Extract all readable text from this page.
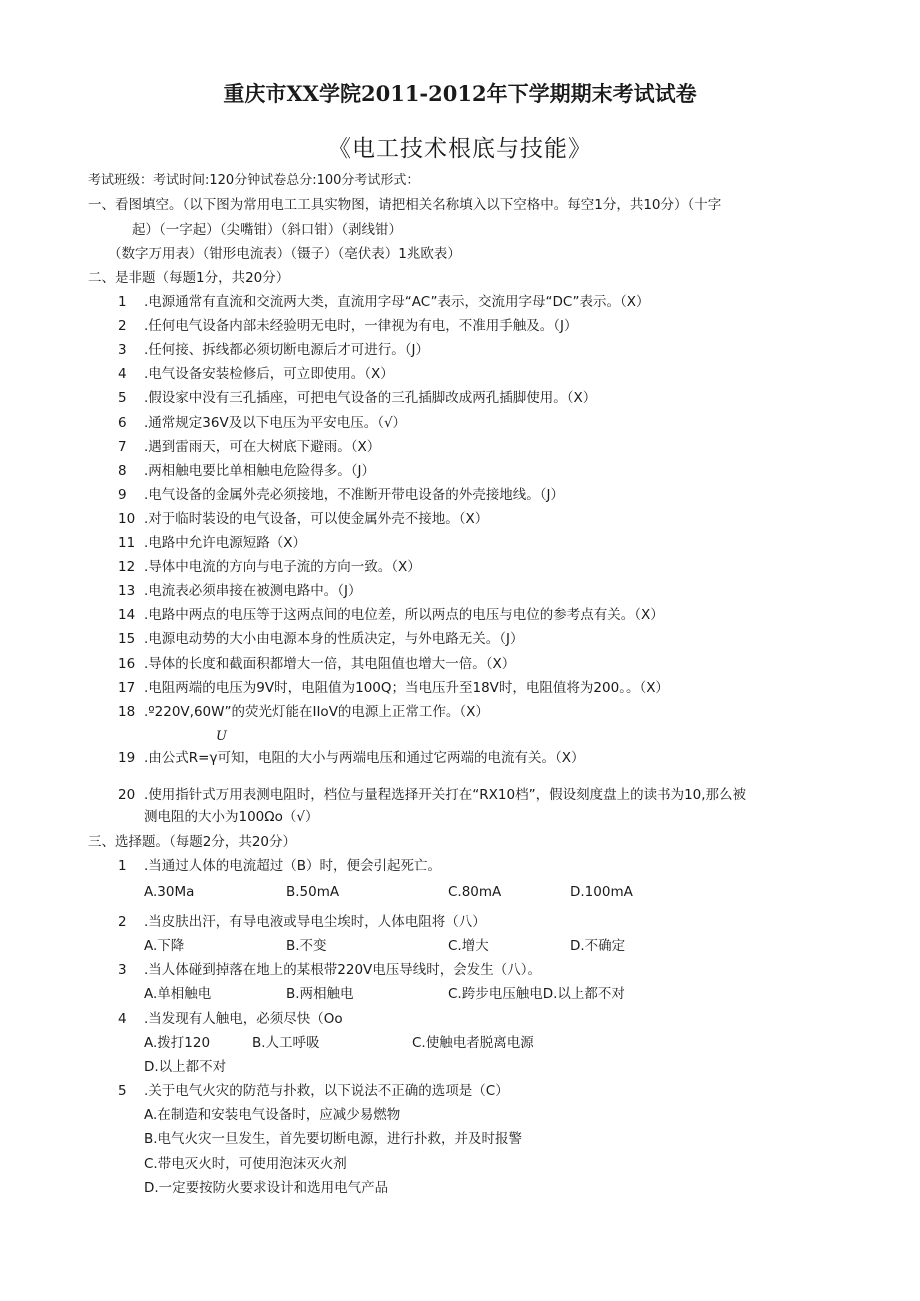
重庆市XX学院2011-2012年下学期期末考试试卷
《电工技术根底与技能》
考试班级：考试时间:120分钟试卷总分:100分考试形式：
一、看图填空。（以下图为常用电工工具实物图，请把相关名称填入以下空格中。每空1分，共10分）（十字
起）（一字起）（尖嘴钳）（斜口钳）（剥线钳）
（数字万用表）（钳形电流表）（镊子）（亳伏表）1兆欧表）
二、是非题（每题1分，共20分）
1 .电源通常有直流和交流两大类，直流用字母“AC”表示，交流用字母“DC”表示。（X）
2 .任何电气设备内部未经验明无电时，一律视为有电，不准用手触及。（J）
3 .任何接、拆线都必须切断电源后才可进行。（J）
4 .电气设备安装检修后，可立即使用。（X）
5 .假设家中没有三孔插座，可把电气设备的三孔插脚改成两孔插脚使用。（X）
6 .通常规定36V及以下电压为平安电压。（√）
7 .遇到雷雨天，可在大树底下避雨。（X）
8 .两相触电要比单相触电危险得多。（J）
9 .电气设备的金属外壳必须接地，不准断开带电设备的外壳接地线。（J）
10 .对于临时装设的电气设备，可以使金属外壳不接地。（X）
11 .电路中允许电源短路（X）
12 .导体中电流的方向与电子流的方向一致。（X）
13 .电流表必须串接在被测电路中。（J）
14 .电路中两点的电压等于这两点间的电位差，所以两点的电压与电位的参考点有关。（X）
15 .电源电动势的大小由电源本身的性质决定，与外电路无关。（J）
16 .导体的长度和截面积都增大一倍，其电阻值也增大一倍。（X）
17 .电阻两端的电压为9V时，电阻值为100Q；当电压升至18V时，电阻值将为200。。（X）
18 .º220V,60W”的荧光灯能在IIoV的电源上正常工作。（X）
U
19 .由公式R=γ可知，电阻的大小与两端电压和通过它两端的电流有关。（X）
20 .使用指针式万用表测电阻时，档位与量程选择开关打在“RX10档”，假设刻度盘上的读书为10,那么被
测电阻的大小为100Ωo（√）
三、选择题。（每题2分，共20分）
1 .当通过人体的电流超过（B）时，便会引起死亡。
A.30Ma	B.50mA	C.80mA	D.100mA
2 .当皮肤出汗，有导电液或导电尘埃时，人体电阻将（八）
A.下降	B.不变	C.增大	D.不确定
3 .当人体碰到掉落在地上的某根带220V电压导线时，会发生（八）。
A.单相触电	B.两相触电	C.跨步电压触电D.以上都不对
4 .当发现有人触电，必须尽快（Oo
A.拨打120	B.人工呼吸	C.使触电者脱离电源
D.以上都不对
5 .关于电气火灾的防范与扑救，以下说法不正确的选项是（C）
A.在制造和安装电气设备时，应减少易燃物
B.电气火灾一旦发生，首先要切断电源，进行扑救，并及时报警
C.带电灭火时，可使用泡沫灭火剂
D.一定要按防火要求设计和选用电气产品
